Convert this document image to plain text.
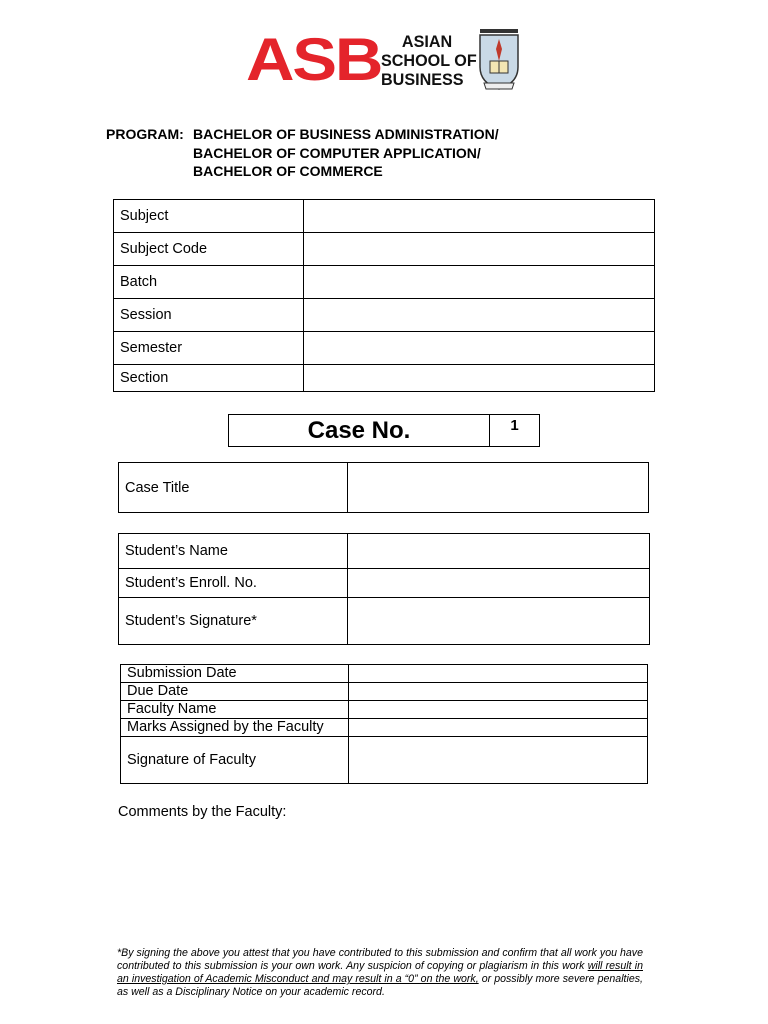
ASB	ASIAN
SCHOOL OF
BUSINESS
PROGRAM: BACHELOR OF BUSINESS ADMINISTRATION/
BACHELOR OF COMPUTER APPLICATION/
BACHELOR OF COMMERCE
Subject	
Subject Code	
Batch	
Session	
Semester	
Section	
Case No.	1
Case Title	
Student’s Name	
Student’s Enroll. No.	
Student’s Signature*	
Submission Date	
Due Date	
Faculty Name	
Marks Assigned by the Faculty	
Signature of Faculty	
Comments by the Faculty:
*By signing the above you attest that you have contributed to this submission and confirm that all work you have contributed to this submission is your own work. Any suspicion of copying or plagiarism in this work will result in an investigation of Academic Misconduct and may result in a “0” on the work, or possibly more severe penalties, as well as a Disciplinary Notice on your academic record.
